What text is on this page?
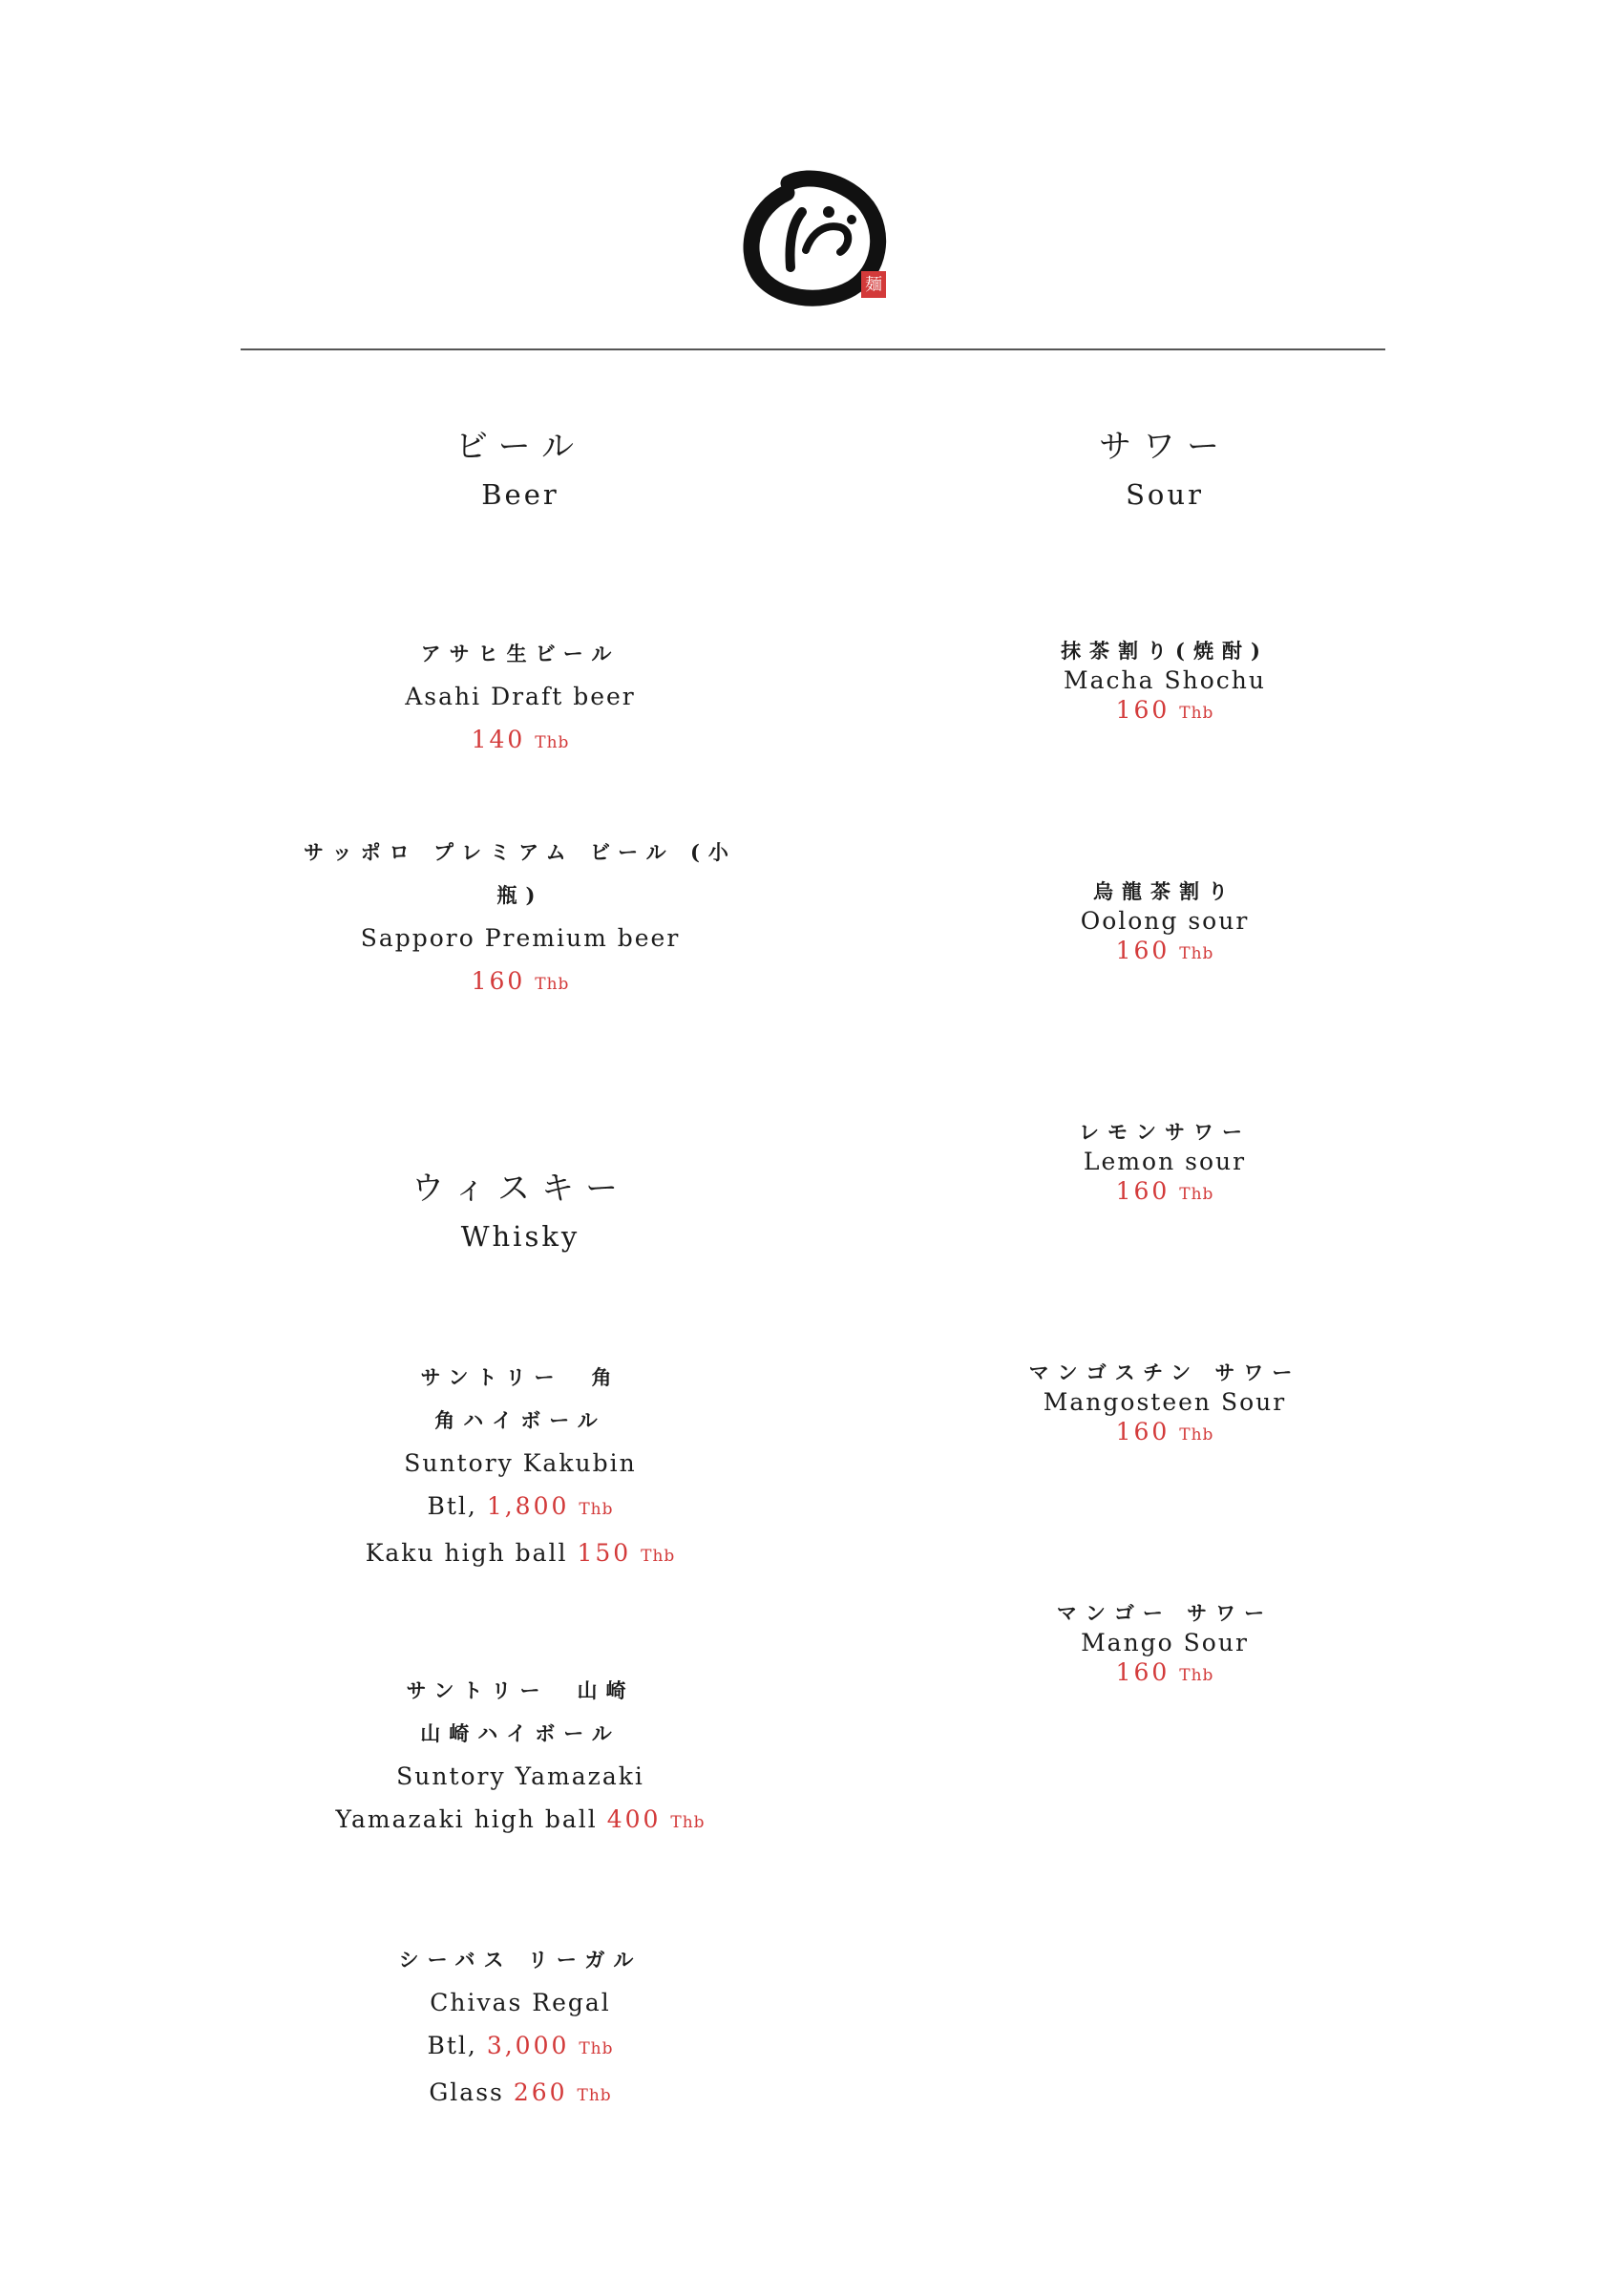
麺
ビール
Beer
アサヒ生ビール
Asahi Draft beer
140 Thb
サッポロ プレミアム ビール (小瓶)
Sapporo Premium beer
160 Thb
ウィスキー
Whisky
サントリー　角
角ハイボール
Suntory Kakubin
Btl, 1,800 Thb
Kaku high ball 150 Thb
サントリー　山崎
山崎ハイボール
Suntory Yamazaki
Yamazaki high ball 400 Thb
シーバス リーガル
Chivas Regal
Btl, 3,000 Thb
Glass 260 Thb
サワー
Sour
抹茶割り(焼酎)
Macha Shochu
160 Thb
烏龍茶割り
Oolong sour
160 Thb
レモンサワー
Lemon sour
160 Thb
マンゴスチン サワー
Mangosteen Sour
160 Thb
マンゴー サワー
Mango Sour
160 Thb
